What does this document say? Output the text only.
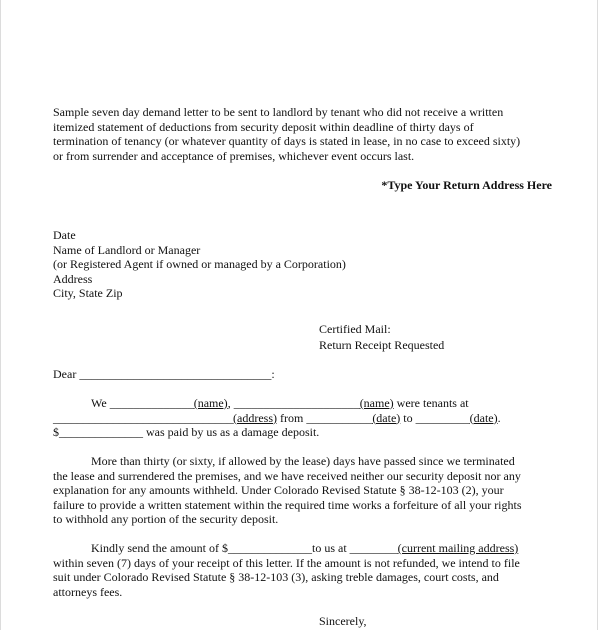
Sample seven day demand letter to be sent to landlord by tenant who did not receive a written
itemized statement of deductions from security deposit within deadline of thirty days of
termination of tenancy (or whatever quantity of days is stated in lease, in no case to exceed sixty)
or from surrender and acceptance of premises, whichever event occurs last.
*Type Your Return Address Here
Date
Name of Landlord or Manager
(or Registered Agent if owned or managed by a Corporation)
Address
City, State Zip
Certified Mail:
Return Receipt Requested
Dear ________________________________:
We ______________(name), _____________________(name) were tenants at
______________________________(address) from ___________(date) to _________(date).
$______________ was paid by us as a damage deposit.
More than thirty (or sixty, if allowed by the lease) days have passed since we terminated
the lease and surrendered the premises, and we have received neither our security deposit nor any
explanation for any amounts withheld. Under Colorado Revised Statute § 38-12-103 (2), your
failure to provide a written statement within the required time works a forfeiture of all your rights
to withhold any portion of the security deposit.
Kindly send the amount of $______________to us at ________(current mailing address)
within seven (7) days of your receipt of this letter. If the amount is not refunded, we intend to file
suit under Colorado Revised Statute § 38-12-103 (3), asking treble damages, court costs, and
attorneys fees.
Sincerely,
